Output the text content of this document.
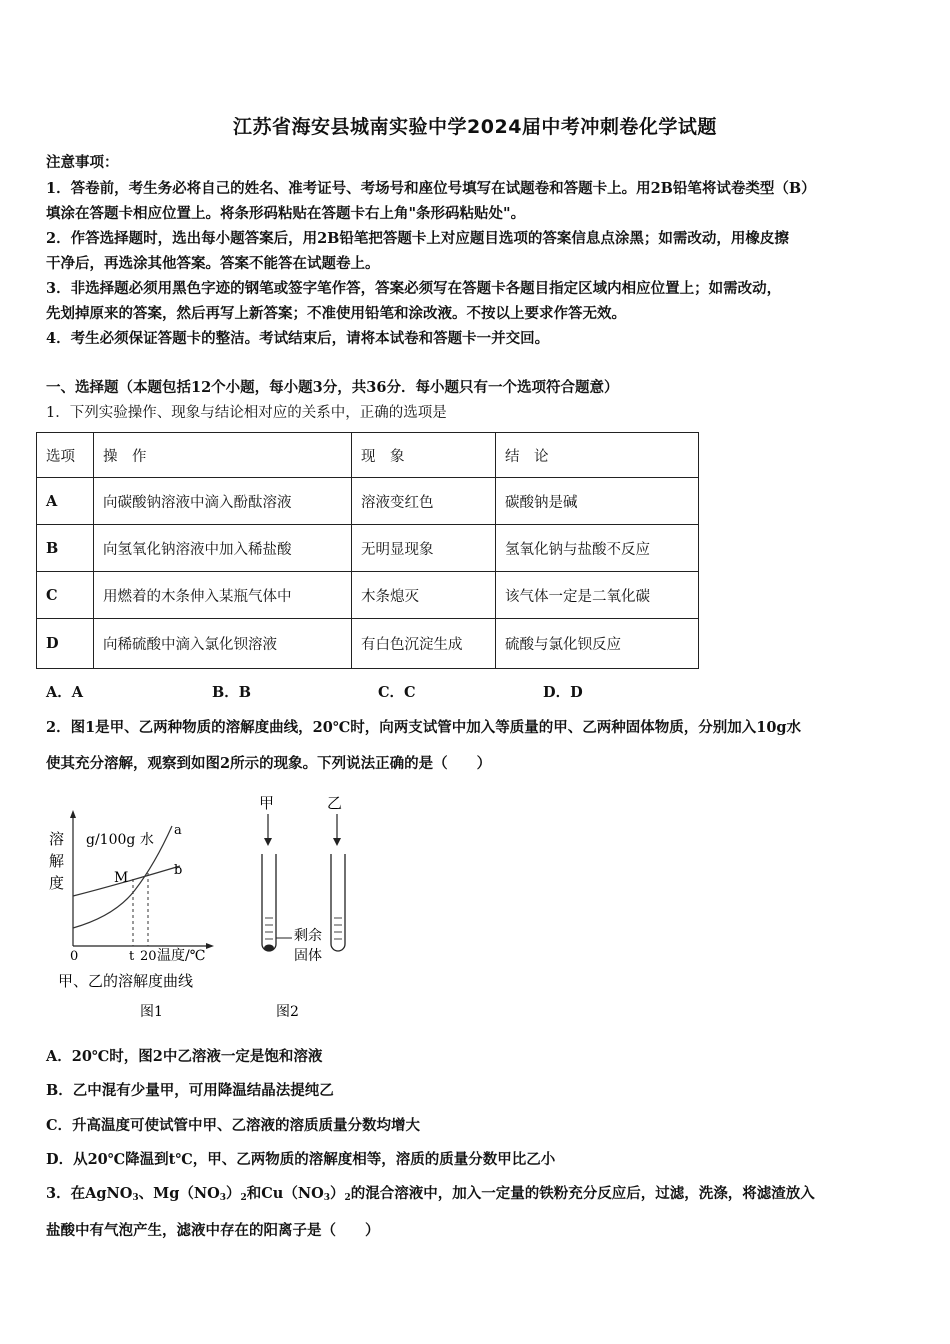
江苏省海安县城南实验中学2024届中考冲刺卷化学试题
注意事项：
1．答卷前，考生务必将自己的姓名、准考证号、考场号和座位号填写在试题卷和答题卡上。用2B铅笔将试卷类型（B）
填涂在答题卡相应位置上。将条形码粘贴在答题卡右上角"条形码粘贴处"。
2．作答选择题时，选出每小题答案后，用2B铅笔把答题卡上对应题目选项的答案信息点涂黑；如需改动，用橡皮擦
干净后，再选涂其他答案。答案不能答在试题卷上。
3．非选择题必须用黑色字迹的钢笔或签字笔作答，答案必须写在答题卡各题目指定区域内相应位置上；如需改动，
先划掉原来的答案，然后再写上新答案；不准使用铅笔和涂改液。不按以上要求作答无效。
4．考生必须保证答题卡的整洁。考试结束后，请将本试卷和答题卡一并交回。
一、选择题（本题包括12个小题，每小题3分，共36分．每小题只有一个选项符合题意）
1．下列实验操作、现象与结论相对应的关系中，正确的选项是
选项	操　作	现　象	结　论
A	向碳酸钠溶液中滴入酚酞溶液	溶液变红色	碳酸钠是碱
B	向氢氧化钠溶液中加入稀盐酸	无明显现象	氢氧化钠与盐酸不反应
C	用燃着的木条伸入某瓶气体中	木条熄灭	该气体一定是二氧化碳
D	向稀硫酸中滴入氯化钡溶液	有白色沉淀生成	硫酸与氯化钡反应
A．A	B．B	C．C	D．D
2．图1是甲、乙两种物质的溶解度曲线，20℃时，向两支试管中加入等质量的甲、乙两种固体物质，分别加入10g水
使其充分溶解，观察到如图2所示的现象。下列说法正确的是（　　）
溶
解
度
g/100g 水
a
b
M
0	t 20 温度/℃
甲、乙的溶解度曲线
图1
甲	乙
剩余
固体
图2
A．20℃时，图2中乙溶液一定是饱和溶液
B．乙中混有少量甲，可用降温结晶法提纯乙
C．升高温度可使试管中甲、乙溶液的溶质质量分数均增大
D．从20℃降温到t℃，甲、乙两物质的溶解度相等，溶质的质量分数甲比乙小
3．在AgNO$_3$、$Mg(NO_3)_2$和$Cu(NO_3)_2$的混合溶液中，加入一定量的铁粉充分反应后，过滤，洗涤，将滤渣放入
盐酸中有气泡产生，滤液中存在的阳离子是（　　）
